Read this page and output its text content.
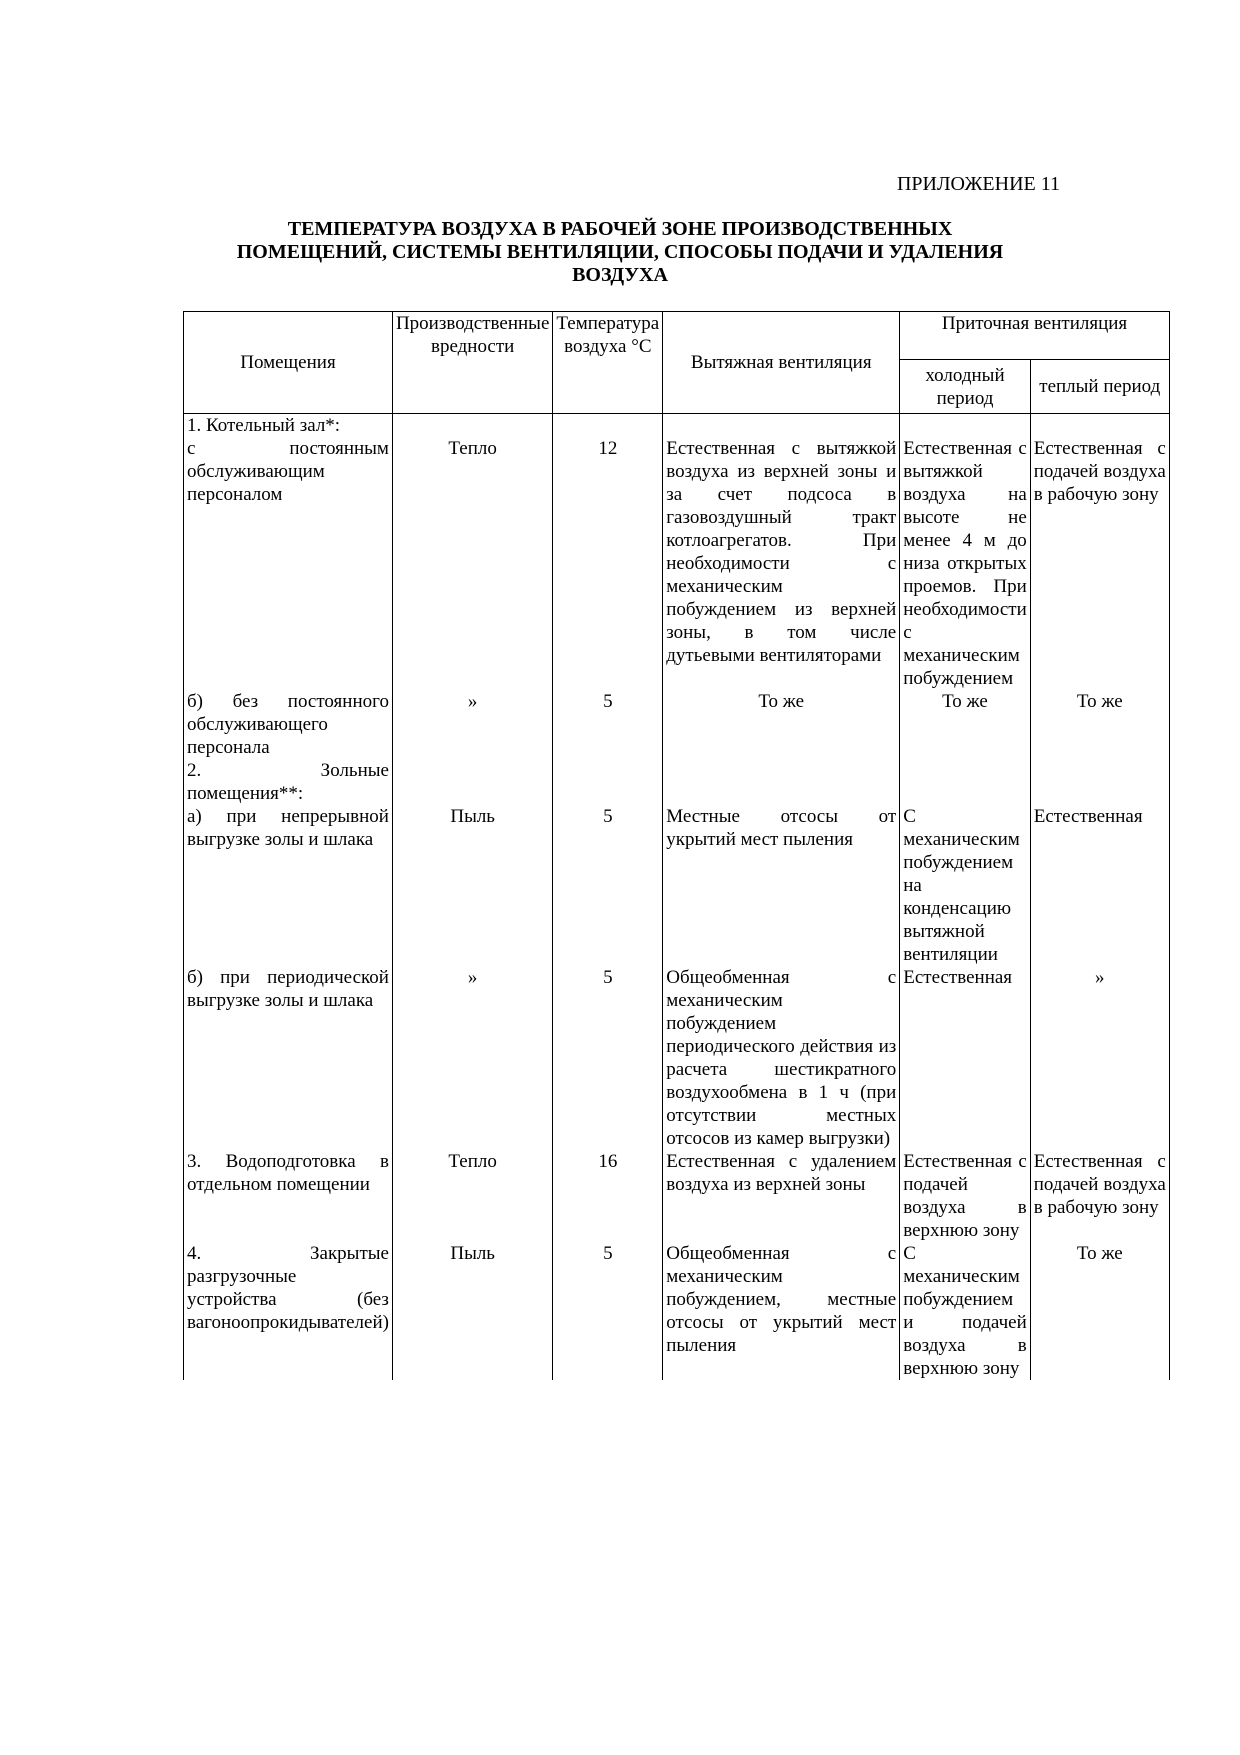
ПРИЛОЖЕНИЕ 11
ТЕМПЕРАТУРА ВОЗДУХА В РАБОЧЕЙ ЗОНЕ ПРОИЗВОДСТВЕННЫХ
ПОМЕЩЕНИЙ, СИСТЕМЫ ВЕНТИЛЯЦИИ, СПОСОБЫ ПОДАЧИ И УДАЛЕНИЯ
ВОЗДУХА
Помещения	Производственные вредности	Температура воздуха °С	Вытяжная вентиляция	Приточная вентиляция	
				холодный период	теплый период
1. Котельный зал*:					
с постоянным обслуживающим персоналом	Тепло	12	Естественная с вытяжкой воздуха из верхней зоны и за счет подсоса в газовоздушный тракт котлоагрегатов. При необходимости с механическим побуждением из верхней зоны, в том числе дутьевыми вентиляторами	Естественная с вытяжкой воздуха на высоте не менее 4 м до низа открытых проемов. При необходимости с механическим побуждением	Естественная с подачей воздуха в рабочую зону
б) без постоянного обслуживающего персонала	»	5	То же	То же	То же
2. Зольные помещения**:					
а) при непрерывной выгрузке золы и шлака	Пыль	5	Местные отсосы от укрытий мест пыления	С механическим побуждением на конденсацию вытяжной вентиляции	Естественная
б) при периодической выгрузке золы и шлака	»	5	Общеобменная с механическим побуждением периодического действия из расчета шестикратного воздухообмена в 1 ч (при отсутствии местных отсосов из камер выгрузки)	Естественная	»
3. Водоподготовка в отдельном помещении	Тепло	16	Естественная с удалением воздуха из верхней зоны	Естественная с подачей воздуха в верхнюю зону	Естественная с подачей воздуха в рабочую зону
4. Закрытые разгрузочные устройства (без вагоноопрокидывателей)	Пыль	5	Общеобменная с механическим побуждением, местные отсосы от укрытий мест пыления	С механическим побуждением и подачей воздуха в верхнюю зону	То же
